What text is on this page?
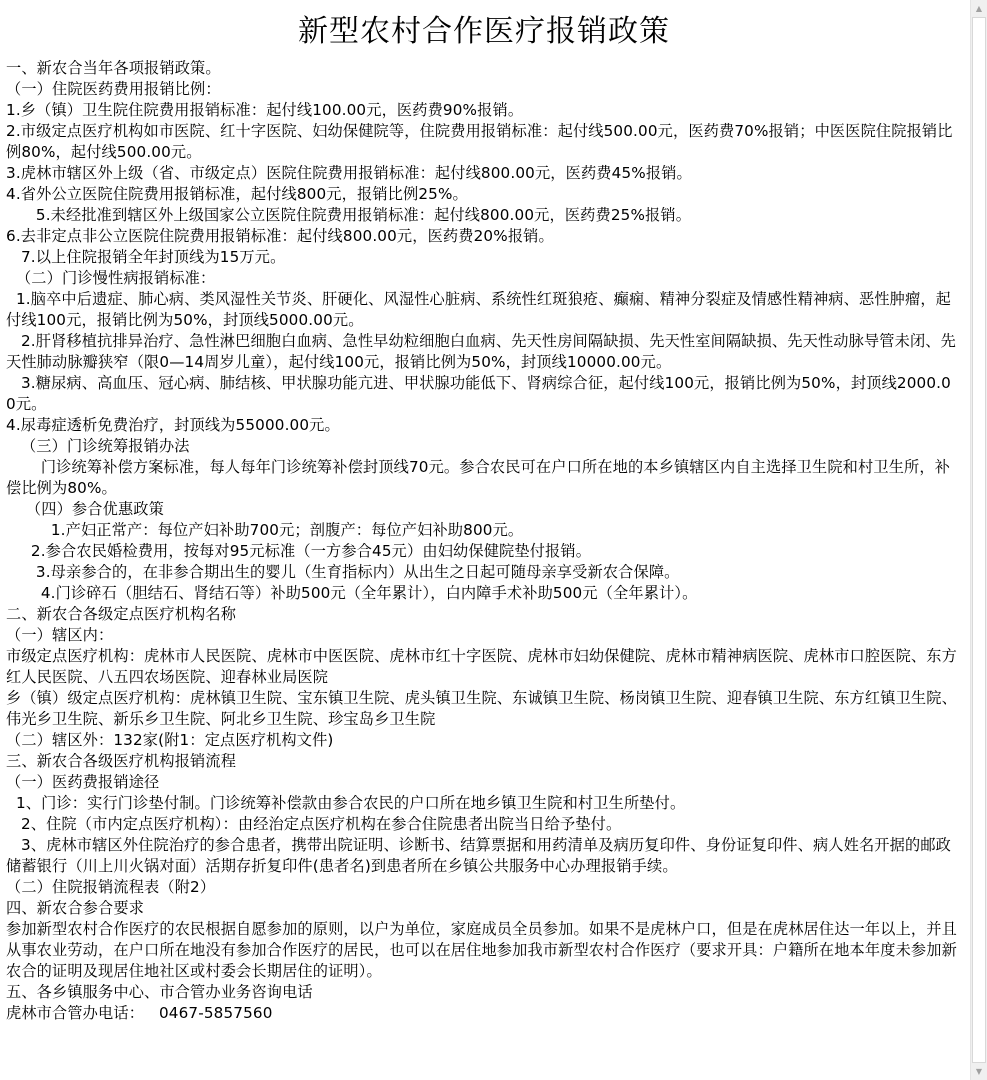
新型农村合作医疗报销政策

一、新农合当年各项报销政策。

（一）住院医药费用报销比例：

1.乡（镇）卫生院住院费用报销标准：起付线100.00元，医药费90%报销。

2.市级定点医疗机构如市医院、红十字医院、妇幼保健院等，住院费用报销标准：起付线500.00元，医药费70%报销；中医医院住院报销比例80%，起付线500.00元。

3.虎林市辖区外上级（省、市级定点）医院住院费用报销标准：起付线800.00元，医药费45%报销。

4.省外公立医院住院费用报销标准，起付线800元，报销比例25%。

5.未经批准到辖区外上级国家公立医院住院费用报销标准：起付线800.00元，医药费25%报销。

6.去非定点非公立医院住院费用报销标准：起付线800.00元，医药费20%报销。

7.以上住院报销全年封顶线为15万元。

（二）门诊慢性病报销标准：

1.脑卒中后遗症、肺心病、类风湿性关节炎、肝硬化、风湿性心脏病、系统性红斑狼疮、癫痫、精神分裂症及情感性精神病、恶性肿瘤，起付线100元，报销比例为50%，封顶线5000.00元。

2.肝肾移植抗排异治疗、急性淋巴细胞白血病、急性早幼粒细胞白血病、先天性房间隔缺损、先天性室间隔缺损、先天性动脉导管未闭、先天性肺动脉瓣狭窄（限0—14周岁儿童），起付线100元，报销比例为50%，封顶线10000.00元。

3.糖尿病、高血压、冠心病、肺结核、甲状腺功能亢进、甲状腺功能低下、肾病综合征，起付线100元，报销比例为50%，封顶线2000.00元。

4.尿毒症透析免费治疗，封顶线为55000.00元。

（三）门诊统筹报销办法

门诊统筹补偿方案标准，每人每年门诊统筹补偿封顶线70元。参合农民可在户口所在地的本乡镇辖区内自主选择卫生院和村卫生所，补偿比例为80%。

（四）参合优惠政策

1.产妇正常产：每位产妇补助700元；剖腹产：每位产妇补助800元。

2.参合农民婚检费用，按每对95元标准（一方参合45元）由妇幼保健院垫付报销。

3.母亲参合的，在非参合期出生的婴儿（生育指标内）从出生之日起可随母亲享受新农合保障。

4.门诊碎石（胆结石、肾结石等）补助500元（全年累计），白内障手术补助500元（全年累计）。

二、新农合各级定点医疗机构名称

（一）辖区内：

市级定点医疗机构：虎林市人民医院、虎林市中医医院、虎林市红十字医院、虎林市妇幼保健院、虎林市精神病医院、虎林市口腔医院、东方红人民医院、八五四农场医院、迎春林业局医院

乡（镇）级定点医疗机构：虎林镇卫生院、宝东镇卫生院、虎头镇卫生院、东诚镇卫生院、杨岗镇卫生院、迎春镇卫生院、东方红镇卫生院、伟光乡卫生院、新乐乡卫生院、阿北乡卫生院、珍宝岛乡卫生院

（二）辖区外：132家(附1：定点医疗机构文件)

三、新农合各级医疗机构报销流程

（一）医药费报销途径

1、门诊：实行门诊垫付制。门诊统筹补偿款由参合农民的户口所在地乡镇卫生院和村卫生所垫付。

2、住院（市内定点医疗机构）：由经治定点医疗机构在参合住院患者出院当日给予垫付。

3、虎林市辖区外住院治疗的参合患者，携带出院证明、诊断书、结算票据和用药清单及病历复印件、身份证复印件、病人姓名开据的邮政储蓄银行（川上川火锅对面）活期存折复印件(患者名)到患者所在乡镇公共服务中心办理报销手续。

（二）住院报销流程表（附2）

四、新农合参合要求

参加新型农村合作医疗的农民根据自愿参加的原则，以户为单位，家庭成员全员参加。如果不是虎林户口，但是在虎林居住达一年以上，并且从事农业劳动，在户口所在地没有参加合作医疗的居民，也可以在居住地参加我市新型农村合作医疗（要求开具：户籍所在地本年度未参加新农合的证明及现居住地社区或村委会长期居住的证明）。

五、各乡镇服务中心、市合管办业务咨询电话

虎林市合管办电话：   0467-5857560

▲
▼
